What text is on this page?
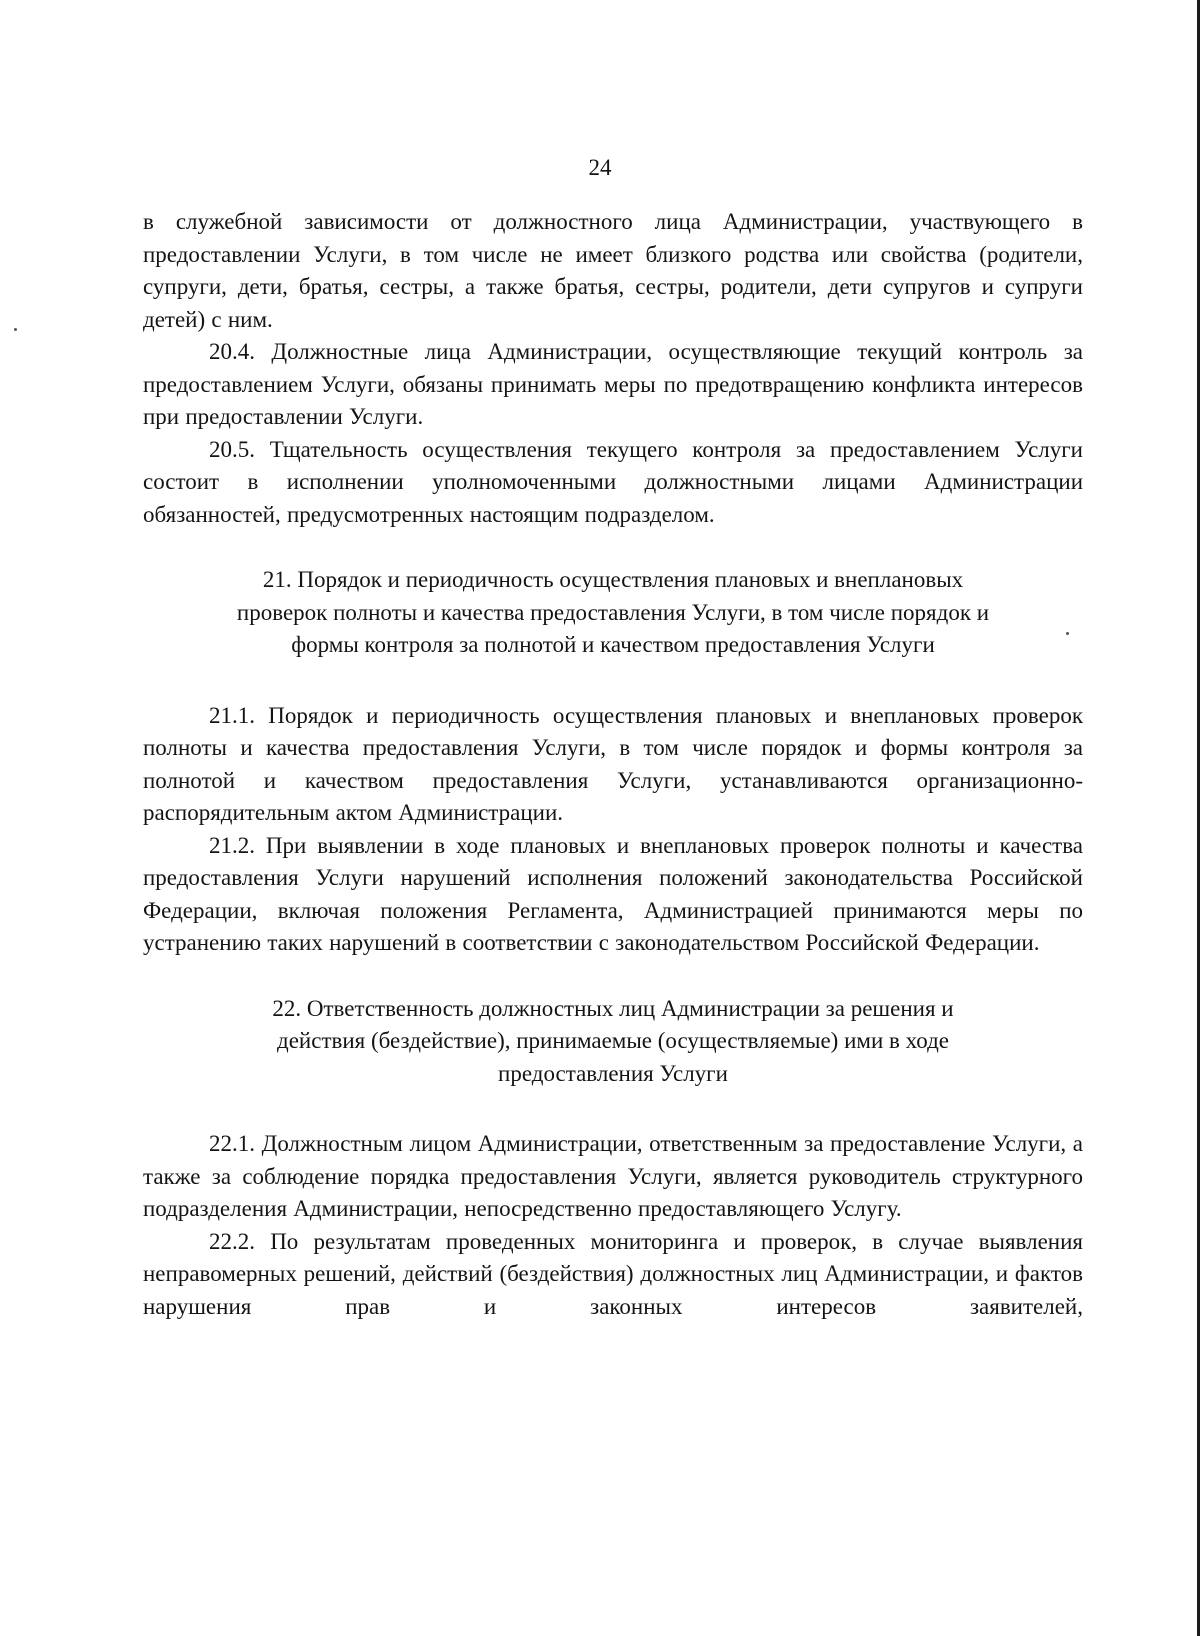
24

в служебной зависимости от должностного лица Администрации, участвующего в предоставлении Услуги, в том числе не имеет близкого родства или свойства (родители, супруги, дети, братья, сестры, а также братья, сестры, родители, дети супругов и супруги детей) с ним.

20.4. Должностные лица Администрации, осуществляющие текущий контроль за предоставлением Услуги, обязаны принимать меры по предотвращению конфликта интересов при предоставлении Услуги.

20.5. Тщательность осуществления текущего контроля за предоставлением Услуги состоит в исполнении уполномоченными должностными лицами Администрации обязанностей, предусмотренных настоящим подразделом.

21. Порядок и периодичность осуществления плановых и внеплановых
проверок полноты и качества предоставления Услуги, в том числе порядок и
формы контроля за полнотой и качеством предоставления Услуги

21.1. Порядок и периодичность осуществления плановых и внеплановых проверок полноты и качества предоставления Услуги, в том числе порядок и формы контроля за полнотой и качеством предоставления Услуги, устанавливаются организационно-распорядительным актом Администрации.

21.2. При выявлении в ходе плановых и внеплановых проверок полноты и качества предоставления Услуги нарушений исполнения положений законодательства Российской Федерации, включая положения Регламента, Администрацией принимаются меры по устранению таких нарушений в соответствии с законодательством Российской Федерации.

22. Ответственность должностных лиц Администрации за решения и
действия (бездействие), принимаемые (осуществляемые) ими в ходе
предоставления Услуги

22.1. Должностным лицом Администрации, ответственным за предоставление Услуги, а также за соблюдение порядка предоставления Услуги, является руководитель структурного подразделения Администрации, непосредственно предоставляющего Услугу.

22.2. По результатам проведенных мониторинга и проверок, в случае выявления неправомерных решений, действий (бездействия) должностных лиц Администрации, и фактов нарушения прав и законных интересов заявителей,
